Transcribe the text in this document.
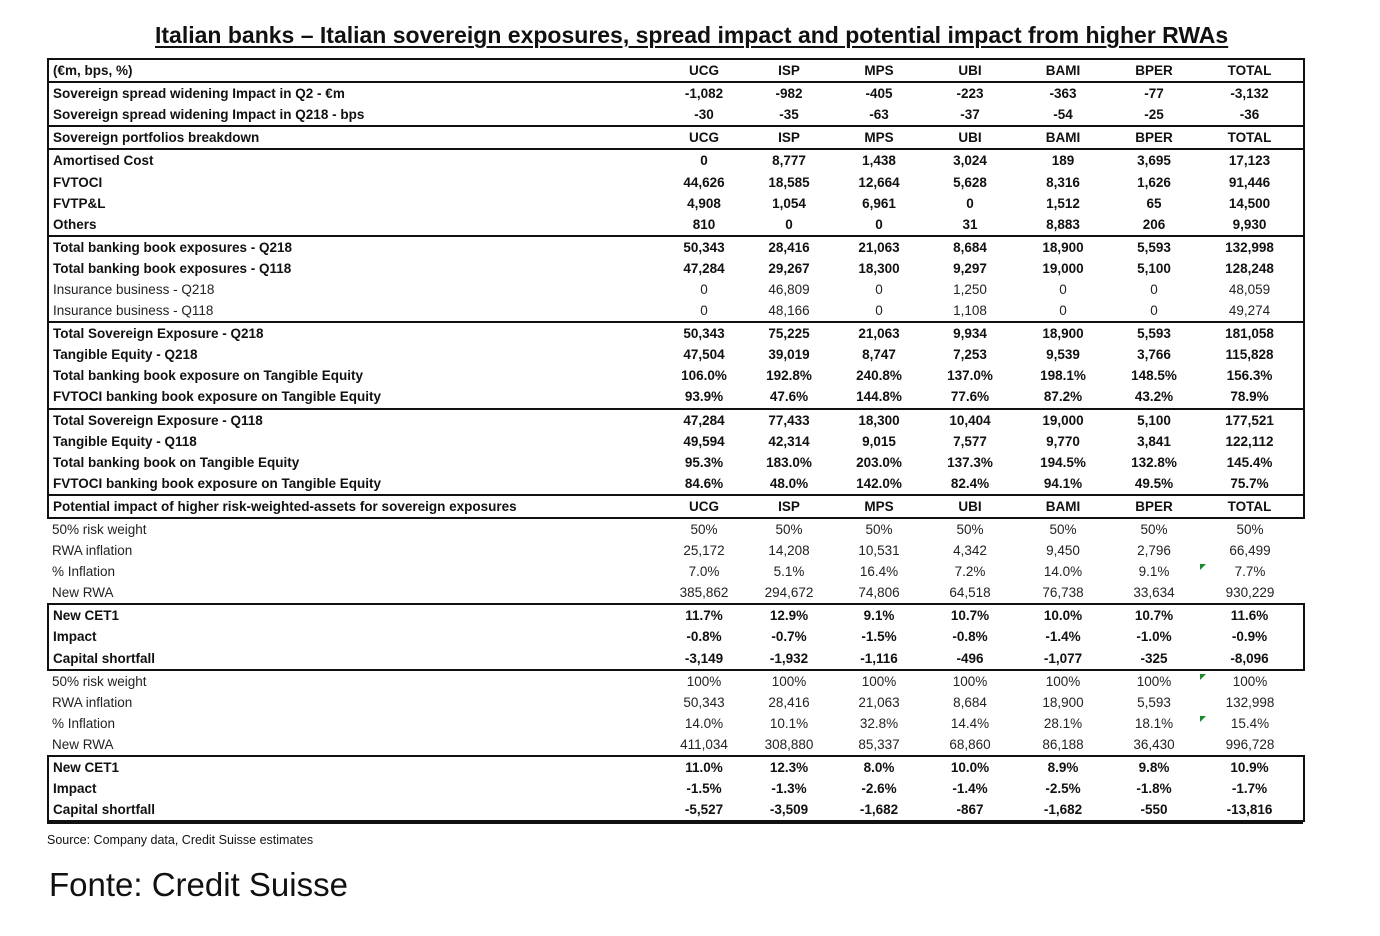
Italian banks – Italian sovereign exposures, spread impact and potential impact from higher RWAs
(€m, bps, %)	UCG	ISP	MPS	UBI	BAMI	BPER	TOTAL
Sovereign spread widening Impact in Q2 - €m	-1,082	-982	-405	-223	-363	-77	-3,132
Sovereign spread widening Impact in Q218 - bps	-30	-35	-63	-37	-54	-25	-36
Sovereign portfolios breakdown	UCG	ISP	MPS	UBI	BAMI	BPER	TOTAL
Amortised Cost	0	8,777	1,438	3,024	189	3,695	17,123
FVTOCI	44,626	18,585	12,664	5,628	8,316	1,626	91,446
FVTP&L	4,908	1,054	6,961	0	1,512	65	14,500
Others	810	0	0	31	8,883	206	9,930
Total banking book exposures - Q218	50,343	28,416	21,063	8,684	18,900	5,593	132,998
Total banking book exposures - Q118	47,284	29,267	18,300	9,297	19,000	5,100	128,248
Insurance business - Q218	0	46,809	0	1,250	0	0	48,059
Insurance business - Q118	0	48,166	0	1,108	0	0	49,274
Total Sovereign Exposure - Q218	50,343	75,225	21,063	9,934	18,900	5,593	181,058
Tangible Equity - Q218	47,504	39,019	8,747	7,253	9,539	3,766	115,828
Total banking book exposure on Tangible Equity	106.0%	192.8%	240.8%	137.0%	198.1%	148.5%	156.3%
FVTOCI banking book exposure on Tangible Equity	93.9%	47.6%	144.8%	77.6%	87.2%	43.2%	78.9%
Total Sovereign Exposure - Q118	47,284	77,433	18,300	10,404	19,000	5,100	177,521
Tangible Equity - Q118	49,594	42,314	9,015	7,577	9,770	3,841	122,112
Total banking book on Tangible Equity	95.3%	183.0%	203.0%	137.3%	194.5%	132.8%	145.4%
FVTOCI banking book exposure on Tangible Equity	84.6%	48.0%	142.0%	82.4%	94.1%	49.5%	75.7%
Potential impact of higher risk-weighted-assets for sovereign exposures	UCG	ISP	MPS	UBI	BAMI	BPER	TOTAL
50% risk weight	50%	50%	50%	50%	50%	50%	50%
RWA inflation	25,172	14,208	10,531	4,342	9,450	2,796	66,499
% Inflation	7.0%	5.1%	16.4%	7.2%	14.0%	9.1%	7.7%
New RWA	385,862	294,672	74,806	64,518	76,738	33,634	930,229
New CET1	11.7%	12.9%	9.1%	10.7%	10.0%	10.7%	11.6%
Impact	-0.8%	-0.7%	-1.5%	-0.8%	-1.4%	-1.0%	-0.9%
Capital shortfall	-3,149	-1,932	-1,116	-496	-1,077	-325	-8,096
50% risk weight	100%	100%	100%	100%	100%	100%	100%
RWA inflation	50,343	28,416	21,063	8,684	18,900	5,593	132,998
% Inflation	14.0%	10.1%	32.8%	14.4%	28.1%	18.1%	15.4%
New RWA	411,034	308,880	85,337	68,860	86,188	36,430	996,728
New CET1	11.0%	12.3%	8.0%	10.0%	8.9%	9.8%	10.9%
Impact	-1.5%	-1.3%	-2.6%	-1.4%	-2.5%	-1.8%	-1.7%
Capital shortfall	-5,527	-3,509	-1,682	-867	-1,682	-550	-13,816
Source: Company data, Credit Suisse estimates
Fonte: Credit Suisse
